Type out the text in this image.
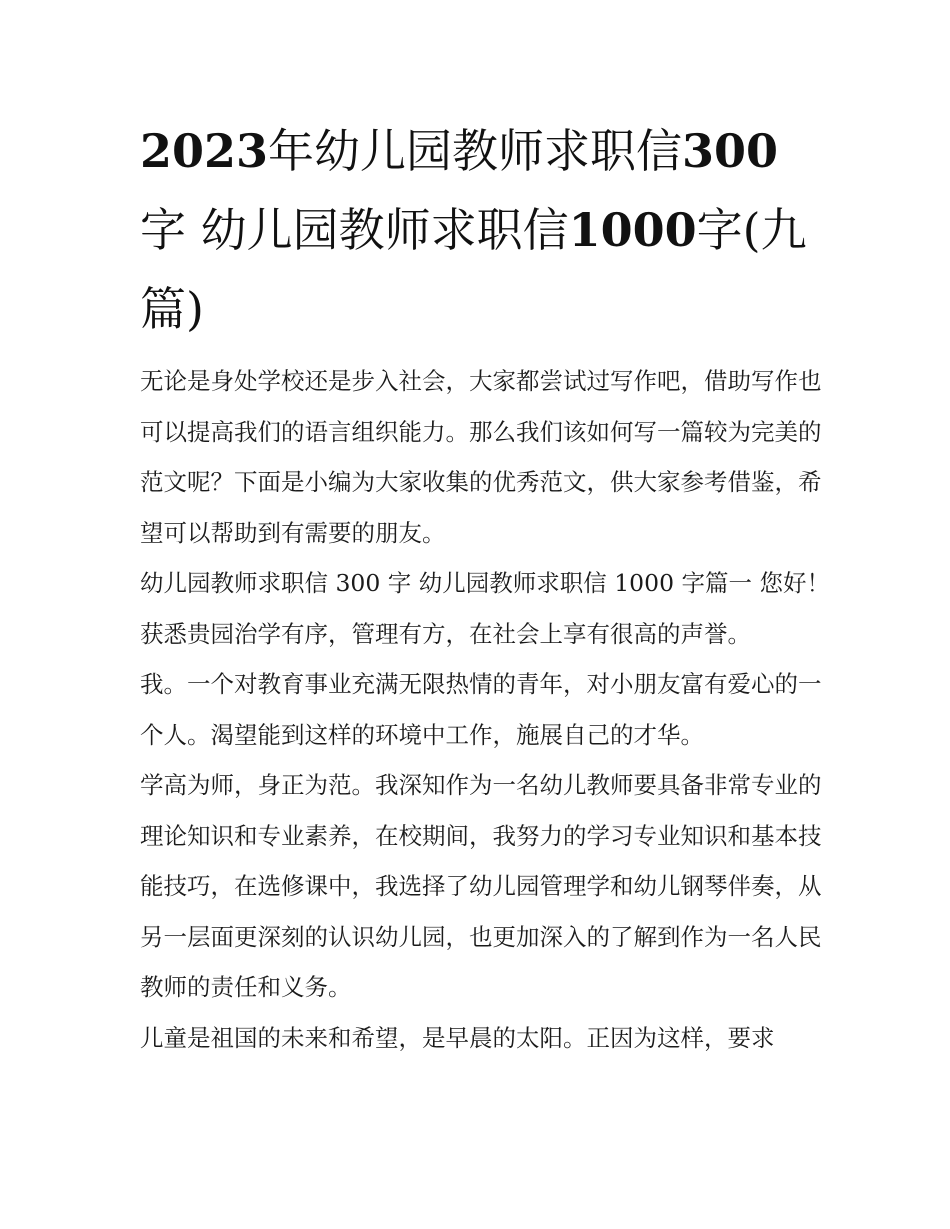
2023年幼儿园教师求职信300字 幼儿园教师求职信1000字(九篇)

无论是身处学校还是步入社会，大家都尝试过写作吧，借助写作也可以提高我们的语言组织能力。那么我们该如何写一篇较为完美的范文呢？下面是小编为大家收集的优秀范文，供大家参考借鉴，希望可以帮助到有需要的朋友。

幼儿园教师求职信 300 字 幼儿园教师求职信 1000 字篇一 您好！

获悉贵园治学有序，管理有方，在社会上享有很高的声誉。

我。一个对教育事业充满无限热情的青年，对小朋友富有爱心的一个人。渴望能到这样的环境中工作，施展自己的才华。

学高为师，身正为范。我深知作为一名幼儿教师要具备非常专业的理论知识和专业素养，在校期间，我努力的学习专业知识和基本技能技巧，在选修课中，我选择了幼儿园管理学和幼儿钢琴伴奏，从另一层面更深刻的认识幼儿园，也更加深入的了解到作为一名人民教师的责任和义务。

儿童是祖国的未来和希望，是早晨的太阳。正因为这样，要求
